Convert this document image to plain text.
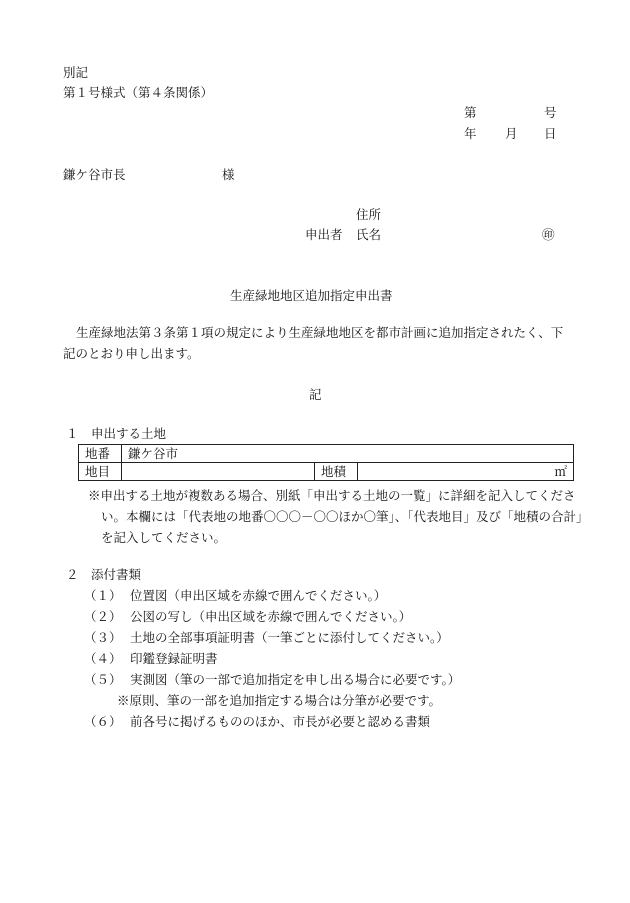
別記
第１号様式（第４条関係）
第	号
年 月 日
鎌ケ谷市長	様
住所
申出者 氏名	㊞
生産緑地地区追加指定申出書
生産緑地法第３条第１項の規定により生産緑地地区を都市計画に追加指定されたく、下記のとおり申し出ます。
記
１　申出する土地
地番	鎌ケ谷市		
地目		地積	㎡
※申出する土地が複数ある場合、別紙「申出する土地の一覧」に詳細を記入してください。本欄には「代表地の地番〇〇〇－〇〇ほか〇筆」、「代表地目」及び「地積の合計」を記入してください。
２　添付書類
（１） 位置図（申出区域を赤線で囲んでください。）
（２） 公図の写し（申出区域を赤線で囲んでください。）
（３） 土地の全部事項証明書（一筆ごとに添付してください。）
（４） 印鑑登録証明書
（５） 実測図（筆の一部で追加指定を申し出る場合に必要です。）
※原則、筆の一部を追加指定する場合は分筆が必要です。
（６） 前各号に掲げるもののほか、市長が必要と認める書類
